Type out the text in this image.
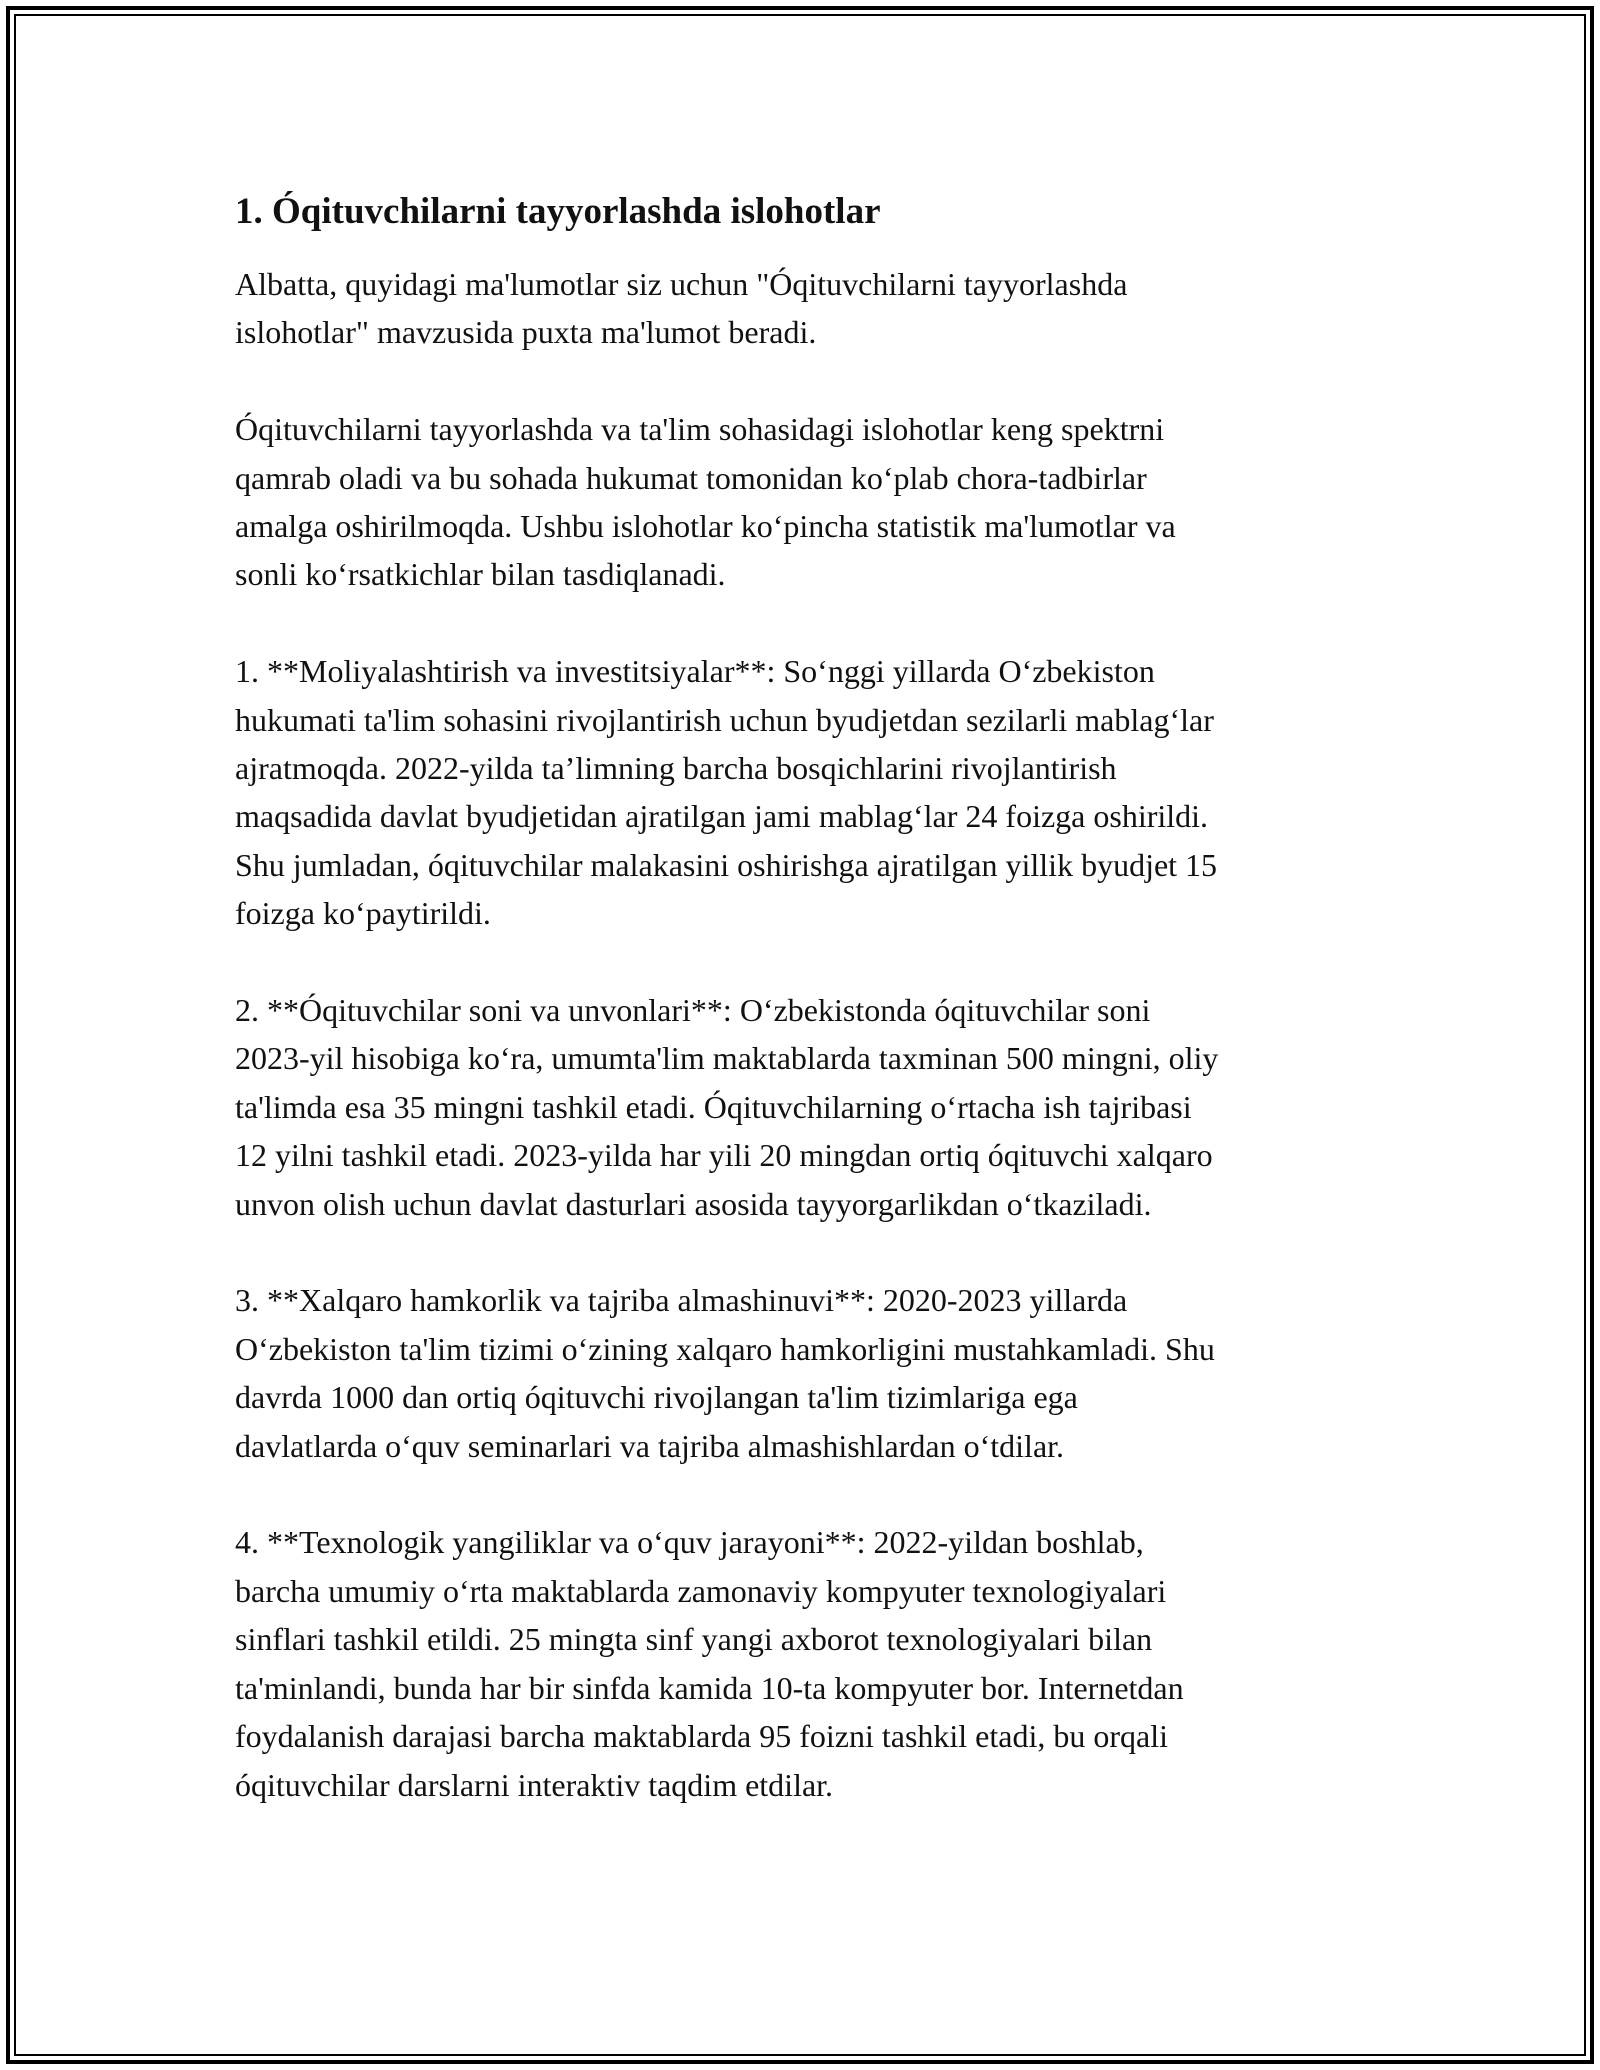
1. Óqituvchilarni tayyorlashda islohotlar

Albatta, quyidagi ma'lumotlar siz uchun "Óqituvchilarni tayyorlashda
islohotlar" mavzusida puxta ma'lumot beradi.

Óqituvchilarni tayyorlashda va ta'lim sohasidagi islohotlar keng spektrni
qamrab oladi va bu sohada hukumat tomonidan ko‘plab chora-tadbirlar
amalga oshirilmoqda. Ushbu islohotlar ko‘pincha statistik ma'lumotlar va
sonli ko‘rsatkichlar bilan tasdiqlanadi.

1. **Moliyalashtirish va investitsiyalar**: So‘nggi yillarda O‘zbekiston
hukumati ta'lim sohasini rivojlantirish uchun byudjetdan sezilarli mablag‘lar
ajratmoqda. 2022-yilda ta’limning barcha bosqichlarini rivojlantirish
maqsadida davlat byudjetidan ajratilgan jami mablag‘lar 24 foizga oshirildi.
Shu jumladan, óqituvchilar malakasini oshirishga ajratilgan yillik byudjet 15
foizga ko‘paytirildi.

2. **Óqituvchilar soni va unvonlari**: O‘zbekistonda óqituvchilar soni
2023-yil hisobiga ko‘ra, umumta'lim maktablarda taxminan 500 mingni, oliy
ta'limda esa 35 mingni tashkil etadi. Óqituvchilarning o‘rtacha ish tajribasi
12 yilni tashkil etadi. 2023-yilda har yili 20 mingdan ortiq óqituvchi xalqaro
unvon olish uchun davlat dasturlari asosida tayyorgarlikdan o‘tkaziladi.

3. **Xalqaro hamkorlik va tajriba almashinuvi**: 2020-2023 yillarda
O‘zbekiston ta'lim tizimi o‘zining xalqaro hamkorligini mustahkamladi. Shu
davrda 1000 dan ortiq óqituvchi rivojlangan ta'lim tizimlariga ega
davlatlarda o‘quv seminarlari va tajriba almashishlardan o‘tdilar.

4. **Texnologik yangiliklar va o‘quv jarayoni**: 2022-yildan boshlab,
barcha umumiy o‘rta maktablarda zamonaviy kompyuter texnologiyalari
sinflari tashkil etildi. 25 mingta sinf yangi axborot texnologiyalari bilan
ta'minlandi, bunda har bir sinfda kamida 10-ta kompyuter bor. Internetdan
foydalanish darajasi barcha maktablarda 95 foizni tashkil etadi, bu orqali
óqituvchilar darslarni interaktiv taqdim etdilar.
